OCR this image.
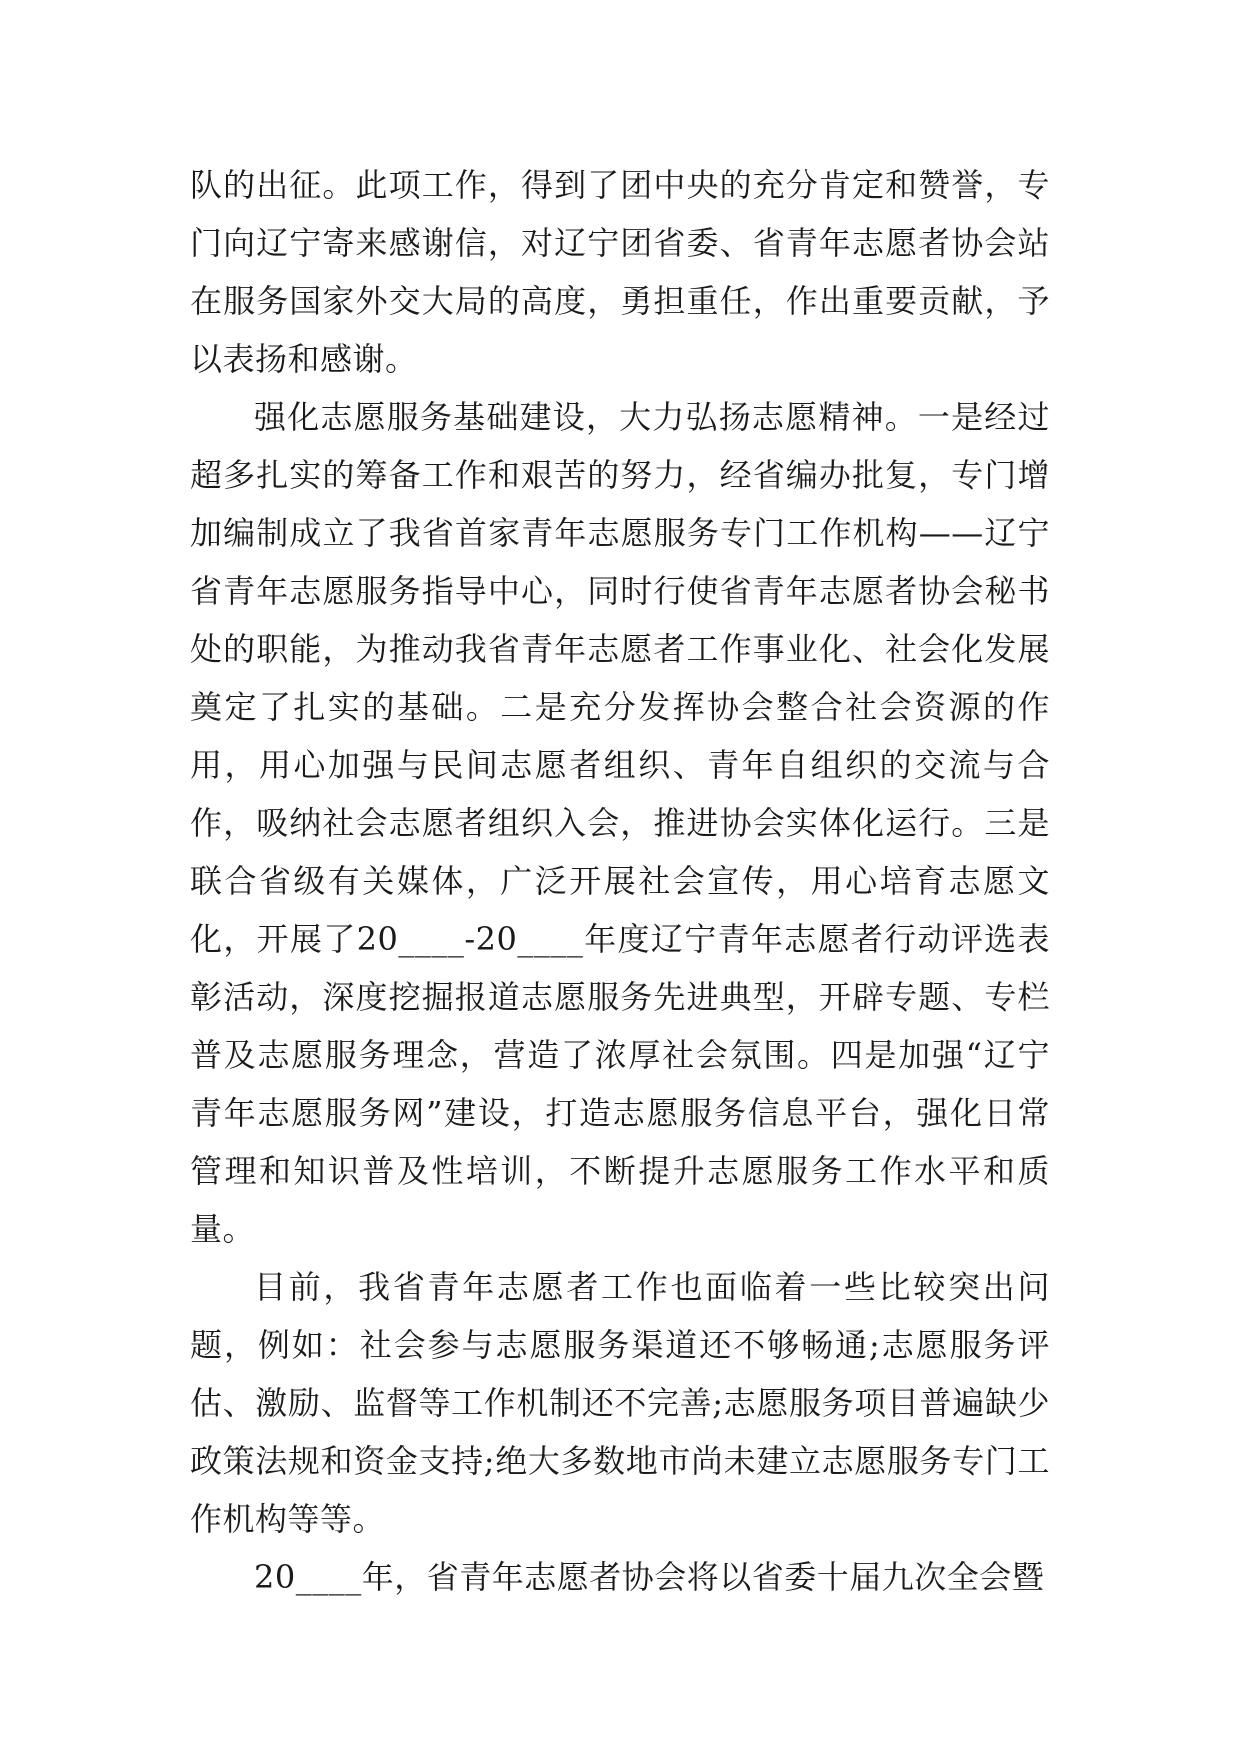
队的出征。此项工作，得到了团中央的充分肯定和赞誉，专门向辽宁寄来感谢信，对辽宁团省委、省青年志愿者协会站在服务国家外交大局的高度，勇担重任，作出重要贡献，予以表扬和感谢。

强化志愿服务基础建设，大力弘扬志愿精神。一是经过超多扎实的筹备工作和艰苦的努力，经省编办批复，专门增加编制成立了我省首家青年志愿服务专门工作机构——辽宁省青年志愿服务指导中心，同时行使省青年志愿者协会秘书处的职能，为推动我省青年志愿者工作事业化、社会化发展奠定了扎实的基础。二是充分发挥协会整合社会资源的作用，用心加强与民间志愿者组织、青年自组织的交流与合作，吸纳社会志愿者组织入会，推进协会实体化运行。三是联合省级有关媒体，广泛开展社会宣传，用心培育志愿文化，开展了20____-20____年度辽宁青年志愿者行动评选表彰活动，深度挖掘报道志愿服务先进典型，开辟专题、专栏普及志愿服务理念，营造了浓厚社会氛围。四是加强“辽宁青年志愿服务网”建设，打造志愿服务信息平台，强化日常管理和知识普及性培训，不断提升志愿服务工作水平和质量。

目前，我省青年志愿者工作也面临着一些比较突出问题，例如：社会参与志愿服务渠道还不够畅通;志愿服务评估、激励、监督等工作机制还不完善;志愿服务项目普遍缺少政策法规和资金支持;绝大多数地市尚未建立志愿服务专门工作机构等等。

20____年，省青年志愿者协会将以省委十届九次全会暨
